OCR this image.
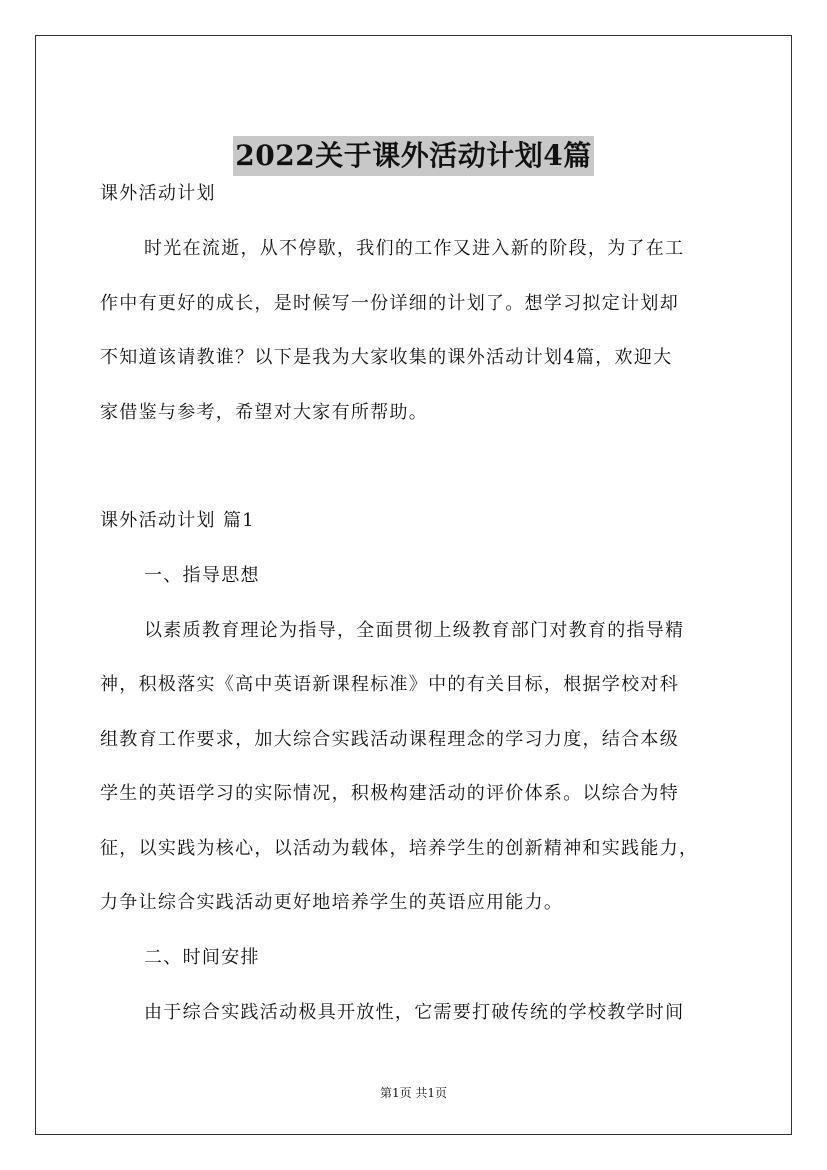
2022关于课外活动计划4篇
课外活动计划
时光在流逝，从不停歇，我们的工作又进入新的阶段，为了在工
作中有更好的成长，是时候写一份详细的计划了。想学习拟定计划却
不知道该请教谁？以下是我为大家收集的课外活动计划4篇，欢迎大
家借鉴与参考，希望对大家有所帮助。
课外活动计划 篇1
一、指导思想
以素质教育理论为指导，全面贯彻上级教育部门对教育的指导精
神，积极落实《高中英语新课程标准》中的有关目标，根据学校对科
组教育工作要求，加大综合实践活动课程理念的学习力度，结合本级
学生的英语学习的实际情况，积极构建活动的评价体系。以综合为特
征，以实践为核心，以活动为载体，培养学生的创新精神和实践能力，
力争让综合实践活动更好地培养学生的英语应用能力。
二、时间安排
由于综合实践活动极具开放性，它需要打破传统的学校教学时间
第1页 共1页
